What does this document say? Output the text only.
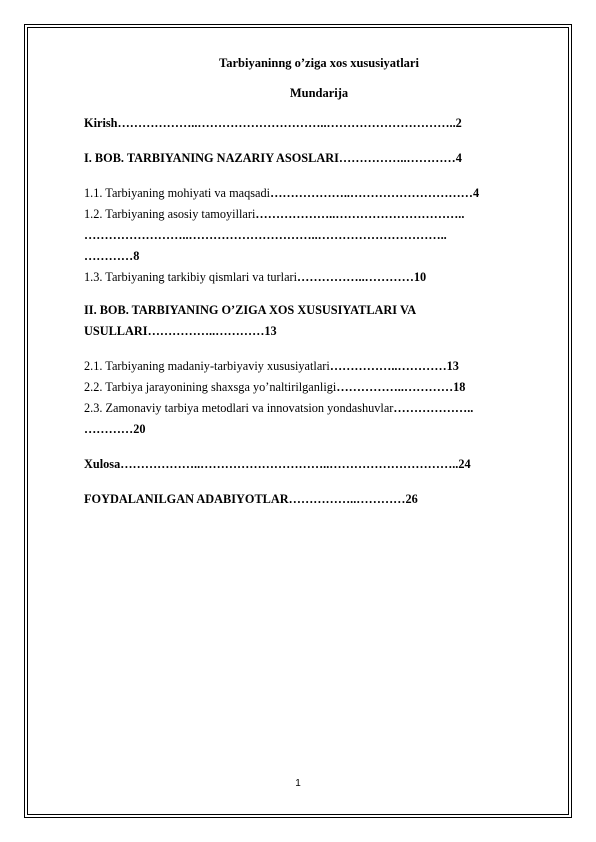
Tarbiyaninng o’ziga xos xususiyatlari

Mundarija

Kirish………………..…………………………..…………………………..2
I. BOB. TARBIYANING NAZARIY ASOSLARI……………..…………4
1.1. Tarbiyaning mohiyati va maqsadi………………..…………………………4
1.2. Tarbiyaning asosiy tamoyillari………………..…………………………..
……………………..…………………………..…………………………..
…………8
1.3. Tarbiyaning tarkibiy qismlari va turlari……………..…………10
II. BOB. TARBIYANING O’ZIGA XOS XUSUSIYATLARI VA
USULLARI……………..…………13
2.1. Tarbiyaning madaniy-tarbiyaviy xususiyatlari……………..…………13
2.2. Tarbiya jarayonining shaxsga yo’naltirilganligi……………..…………18
2.3. Zamonaviy tarbiya metodlari va innovatsion yondashuvlar………………..
…………20
Xulosa………………..…………………………..…………………………..24
FOYDALANILGAN ADABIYOTLAR……………..…………26
1
